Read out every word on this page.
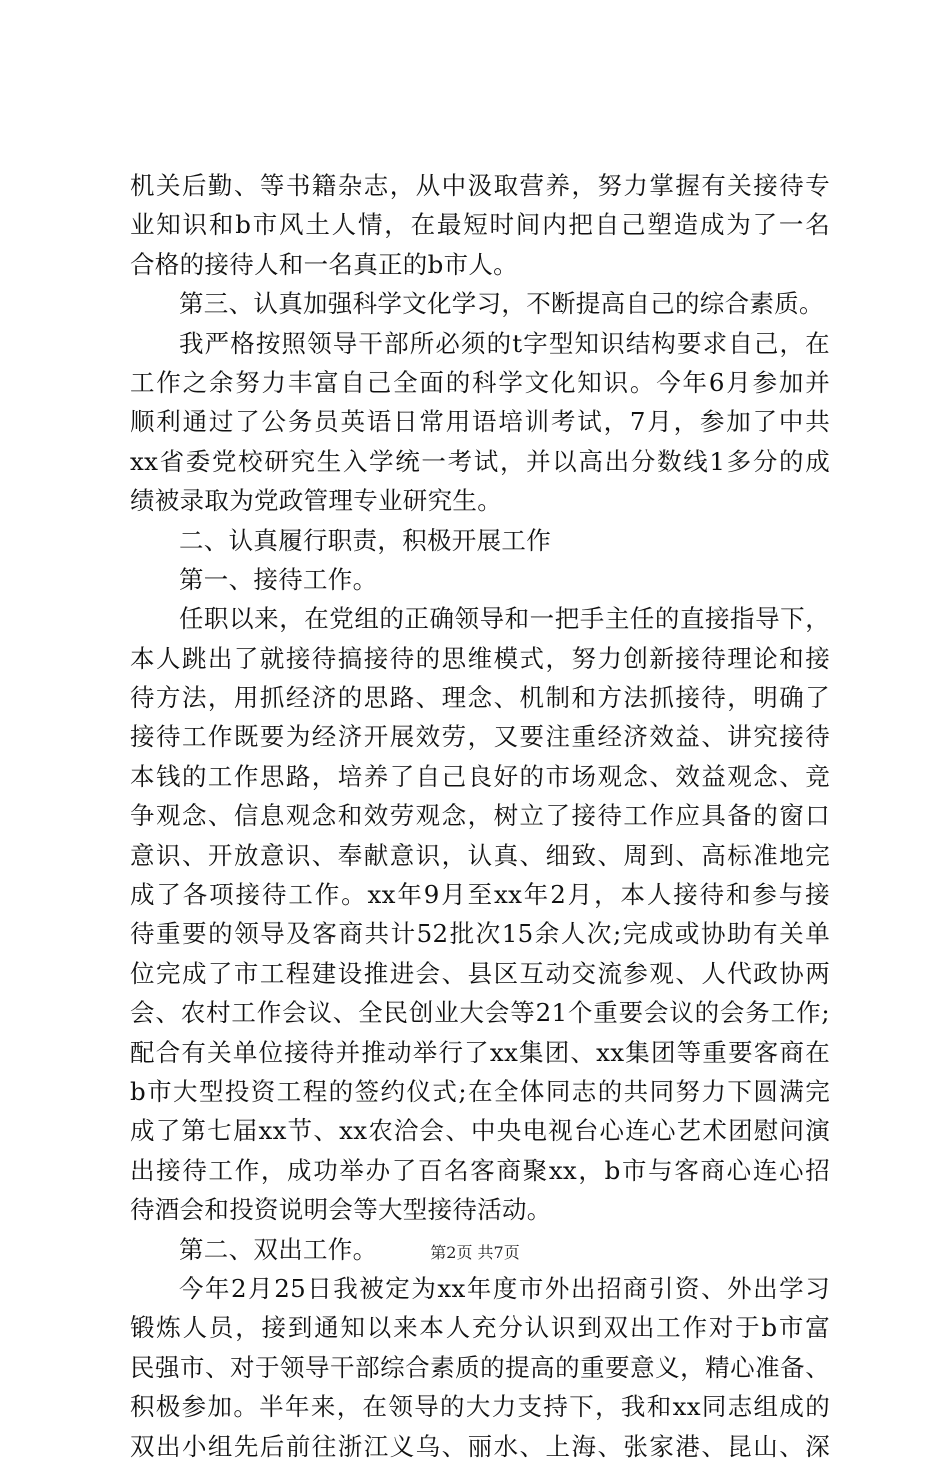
机关后勤、等书籍杂志，从中汲取营养，努力掌握有关接待专
业知识和b市风土人情，在最短时间内把自己塑造成为了一名
合格的接待人和一名真正的b市人。
第三、认真加强科学文化学习，不断提高自己的综合素质。
我严格按照领导干部所必须的t字型知识结构要求自己，在
工作之余努力丰富自己全面的科学文化知识。今年6月参加并
顺利通过了公务员英语日常用语培训考试，7月，参加了中共
xx省委党校研究生入学统一考试，并以高出分数线1多分的成
绩被录取为党政管理专业研究生。
二、认真履行职责，积极开展工作
第一、接待工作。
任职以来，在党组的正确领导和一把手主任的直接指导下，
本人跳出了就接待搞接待的思维模式，努力创新接待理论和接
待方法，用抓经济的思路、理念、机制和方法抓接待，明确了
接待工作既要为经济开展效劳，又要注重经济效益、讲究接待
本钱的工作思路，培养了自己良好的市场观念、效益观念、竞
争观念、信息观念和效劳观念，树立了接待工作应具备的窗口
意识、开放意识、奉献意识，认真、细致、周到、高标准地完
成了各项接待工作。xx年9月至xx年2月，本人接待和参与接
待重要的领导及客商共计52批次15余人次;完成或协助有关单
位完成了市工程建设推进会、县区互动交流参观、人代政协两
会、农村工作会议、全民创业大会等21个重要会议的会务工作;
配合有关单位接待并推动举行了xx集团、xx集团等重要客商在
b市大型投资工程的签约仪式;在全体同志的共同努力下圆满完
成了第七届xx节、xx农洽会、中央电视台心连心艺术团慰问演
出接待工作，成功举办了百名客商聚xx，b市与客商心连心招
待酒会和投资说明会等大型接待活动。
第二、双出工作。
今年2月25日我被定为xx年度市外出招商引资、外出学习
锻炼人员，接到通知以来本人充分认识到双出工作对于b市富
民强市、对于领导干部综合素质的提高的重要意义，精心准备、
积极参加。半年来，在领导的大力支持下，我和xx同志组成的
双出小组先后前往浙江义乌、丽水、上海、张家港、昆山、深
第2页 共7页
